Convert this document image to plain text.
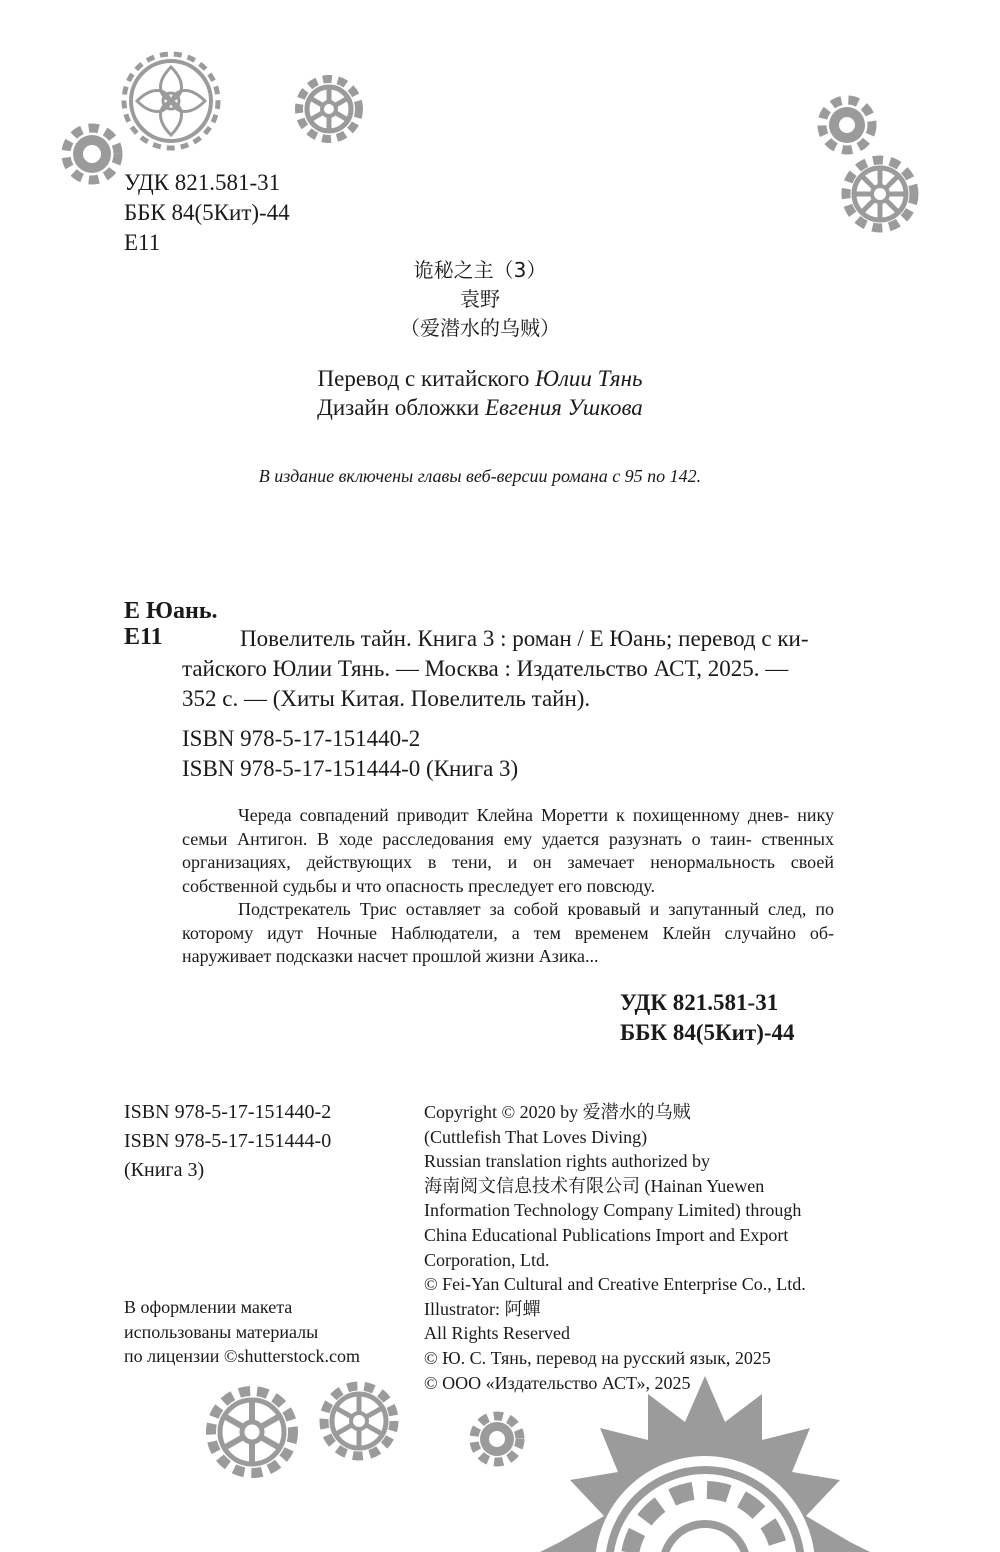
УДК 821.581-31
ББК 84(5Кит)-44
Е11
诡秘之主（3）
袁野
（爱潜水的乌贼）
Перевод с китайского Юлии Тянь
Дизайн обложки Евгения Ушкова
В издание включены главы веб-версии романа с 95 по 142.
Е Юань.
Е11	Повелитель тайн. Книга 3 : роман / Е Юань; перевод с ки-
тайского Юлии Тянь. — Москва : Издательство АСТ, 2025. —
352 с. — (Хиты Китая. Повелитель тайн).
ISBN 978-5-17-151440-2
ISBN 978-5-17-151444-0 (Книга 3)

Череда совпадений приводит Клейна Моретти к похищенному днев- нику семьи Антигон. В ходе расследования ему удается разузнать о таин- ственных организациях, действующих в тени, и он замечает ненормальность своей собственной судьбы и что опасность преследует его повсюду.

Подстрекатель Трис оставляет за собой кровавый и запутанный след, по которому идут Ночные Наблюдатели, а тем временем Клейн случайно об- наруживает подсказки насчет прошлой жизни Азика...

УДК 821.581-31
ББК 84(5Кит)-44
ISBN 978-5-17-151440-2
ISBN 978-5-17-151444-0
(Книга 3)
В оформлении макета
использованы материалы
по лицензии ©shutterstock.com
Copyright © 2020 by 爱潜水的乌贼
(Cuttlefish That Loves Diving)
Russian translation rights authorized by
海南阅文信息技术有限公司 (Hainan Yuewen
Information Technology Company Limited) through
China Educational Publications Import and Export
Corporation, Ltd.
© Fei-Yan Cultural and Creative Enterprise Co., Ltd.
Illustrator: 阿蟬
All Rights Reserved
© Ю. С. Тянь, перевод на русский язык, 2025
© ООО «Издательство АСТ», 2025
